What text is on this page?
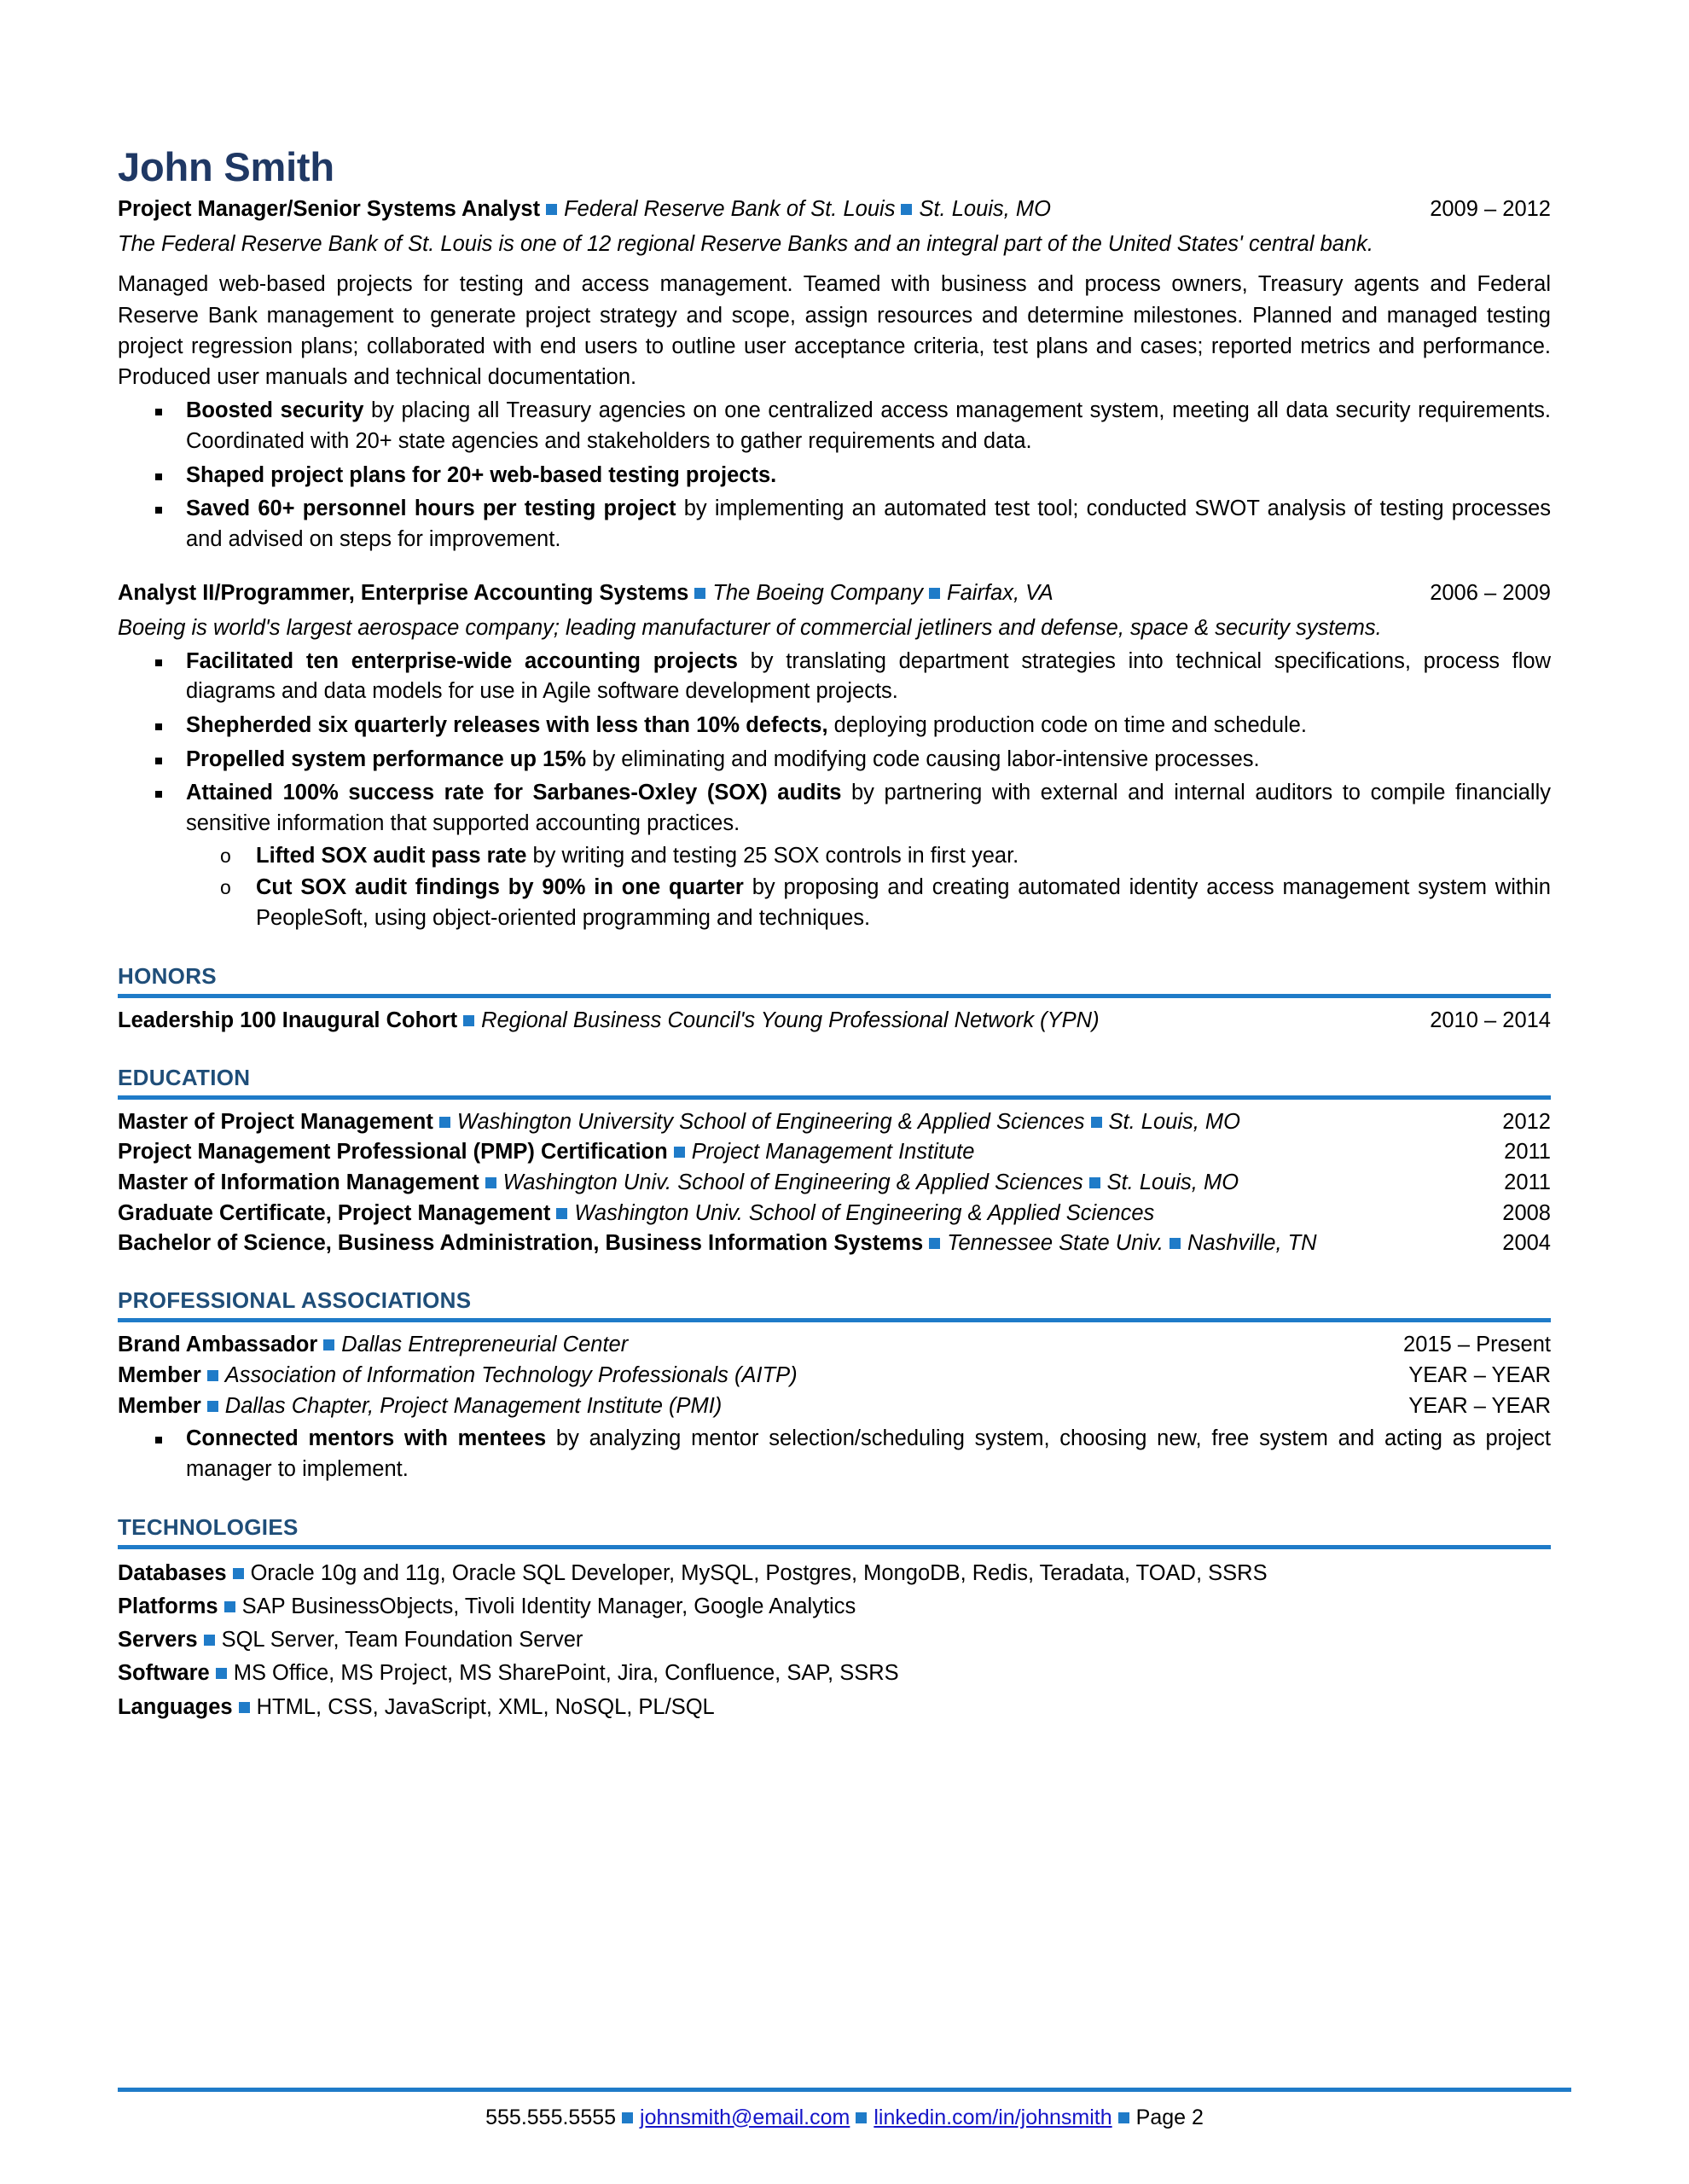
John Smith
Project Manager/Senior Systems Analyst Federal Reserve Bank of St. Louis St. Louis, MO	2009 – 2012
The Federal Reserve Bank of St. Louis is one of 12 regional Reserve Banks and an integral part of the United States' central bank.
Managed web-based projects for testing and access management. Teamed with business and process owners, Treasury agents and Federal Reserve Bank management to generate project strategy and scope, assign resources and determine milestones. Planned and managed testing project regression plans; collaborated with end users to outline user acceptance criteria, test plans and cases; reported metrics and performance. Produced user manuals and technical documentation.
Boosted security by placing all Treasury agencies on one centralized access management system, meeting all data security requirements. Coordinated with 20+ state agencies and stakeholders to gather requirements and data.
Shaped project plans for 20+ web-based testing projects.
Saved 60+ personnel hours per testing project by implementing an automated test tool; conducted SWOT analysis of testing processes and advised on steps for improvement.
Analyst II/Programmer, Enterprise Accounting Systems The Boeing Company Fairfax, VA	2006 – 2009
Boeing is world's largest aerospace company; leading manufacturer of commercial jetliners and defense, space & security systems.
Facilitated ten enterprise-wide accounting projects by translating department strategies into technical specifications, process flow diagrams and data models for use in Agile software development projects.
Shepherded six quarterly releases with less than 10% defects, deploying production code on time and schedule.
Propelled system performance up 15% by eliminating and modifying code causing labor-intensive processes.
Attained 100% success rate for Sarbanes-Oxley (SOX) audits by partnering with external and internal auditors to compile financially sensitive information that supported accounting practices.
o Lifted SOX audit pass rate by writing and testing 25 SOX controls in first year.
o Cut SOX audit findings by 90% in one quarter by proposing and creating automated identity access management system within PeopleSoft, using object-oriented programming and techniques.
HONORS
Leadership 100 Inaugural Cohort Regional Business Council's Young Professional Network (YPN)	2010 – 2014
EDUCATION
Master of Project Management Washington University School of Engineering & Applied Sciences St. Louis, MO	2012
Project Management Professional (PMP) Certification Project Management Institute	2011
Master of Information Management Washington Univ. School of Engineering & Applied Sciences St. Louis, MO	2011
Graduate Certificate, Project Management Washington Univ. School of Engineering & Applied Sciences	2008
Bachelor of Science, Business Administration, Business Information Systems Tennessee State Univ. Nashville, TN	2004
PROFESSIONAL ASSOCIATIONS
Brand Ambassador Dallas Entrepreneurial Center	2015 – Present
Member Association of Information Technology Professionals (AITP)	YEAR – YEAR
Member Dallas Chapter, Project Management Institute (PMI)	YEAR – YEAR
Connected mentors with mentees by analyzing mentor selection/scheduling system, choosing new, free system and acting as project manager to implement.
TECHNOLOGIES
Databases Oracle 10g and 11g, Oracle SQL Developer, MySQL, Postgres, MongoDB, Redis, Teradata, TOAD, SSRS
Platforms SAP BusinessObjects, Tivoli Identity Manager, Google Analytics
Servers SQL Server, Team Foundation Server
Software MS Office, MS Project, MS SharePoint, Jira, Confluence, SAP, SSRS
Languages HTML, CSS, JavaScript, XML, NoSQL, PL/SQL
555.555.5555 johnsmith@email.com linkedin.com/in/johnsmith Page 2
